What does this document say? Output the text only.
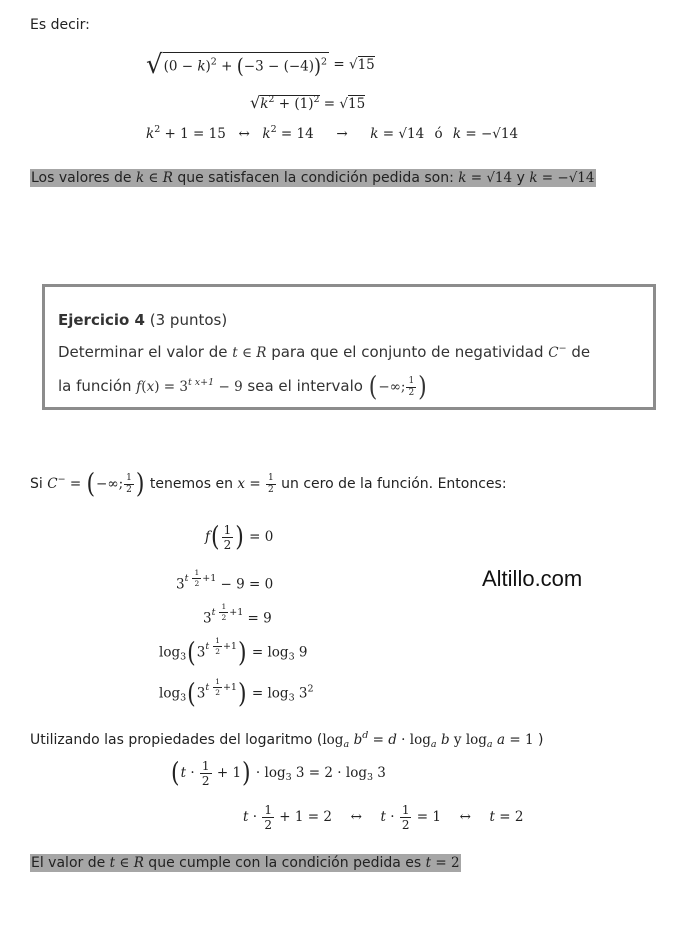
Es decir:
√ $(0 - k)^2 + (-3 - (-4))^2 = √15$
$√k^2 + (1)^2 = √15$
$k^2 + 1 = 15$ ↔ $k^2 = 14 \to k = √14$ ó k = −√14
Los valores de k ∈ R que satisfacen la condición pedida son: k = √14 y k = −√14
Ejercicio 4 (3 puntos)
Determinar el valor de t ∈ R para que el conjunto de negatividad C− de
la función $f(x) = 3^{t x+1} - 9$ sea el intervalo (−∞; $\frac{1}{2}$ )
Si C− = (−∞; $\frac{1}{2}$ ) tenemos en $x = \frac{1}{2}$ un cero de la función. Entonces:
$f( \frac{1}{2}$ ) = 0
$3^{t \frac{1}{2} +1} - 9 = 0$
$3^{t \frac{1}{2} +1} = 9$
$\log_3(3^{t \frac{1}{2} +1}) = \log_3 9$
$\log_3(3^{t \frac{1}{2} +1}) = \log_3 3^2$
Altillo.com
Utilizando las propiedades del logaritmo ($\log_a$ $b^d = d \cdot \log_a b$ y $\log_a a = 1$ )
$(t \cdot \frac{1}{2} + 1) \cdot \log_3 3 = 2 \cdot \log_3 3$
$t \cdot \frac{1}{2} + 1 = 2$ ↔ $t \cdot \frac{1}{2} = 1$ ↔ t = 2
El valor de t ∈ R que cumple con la condición pedida es t = 2
